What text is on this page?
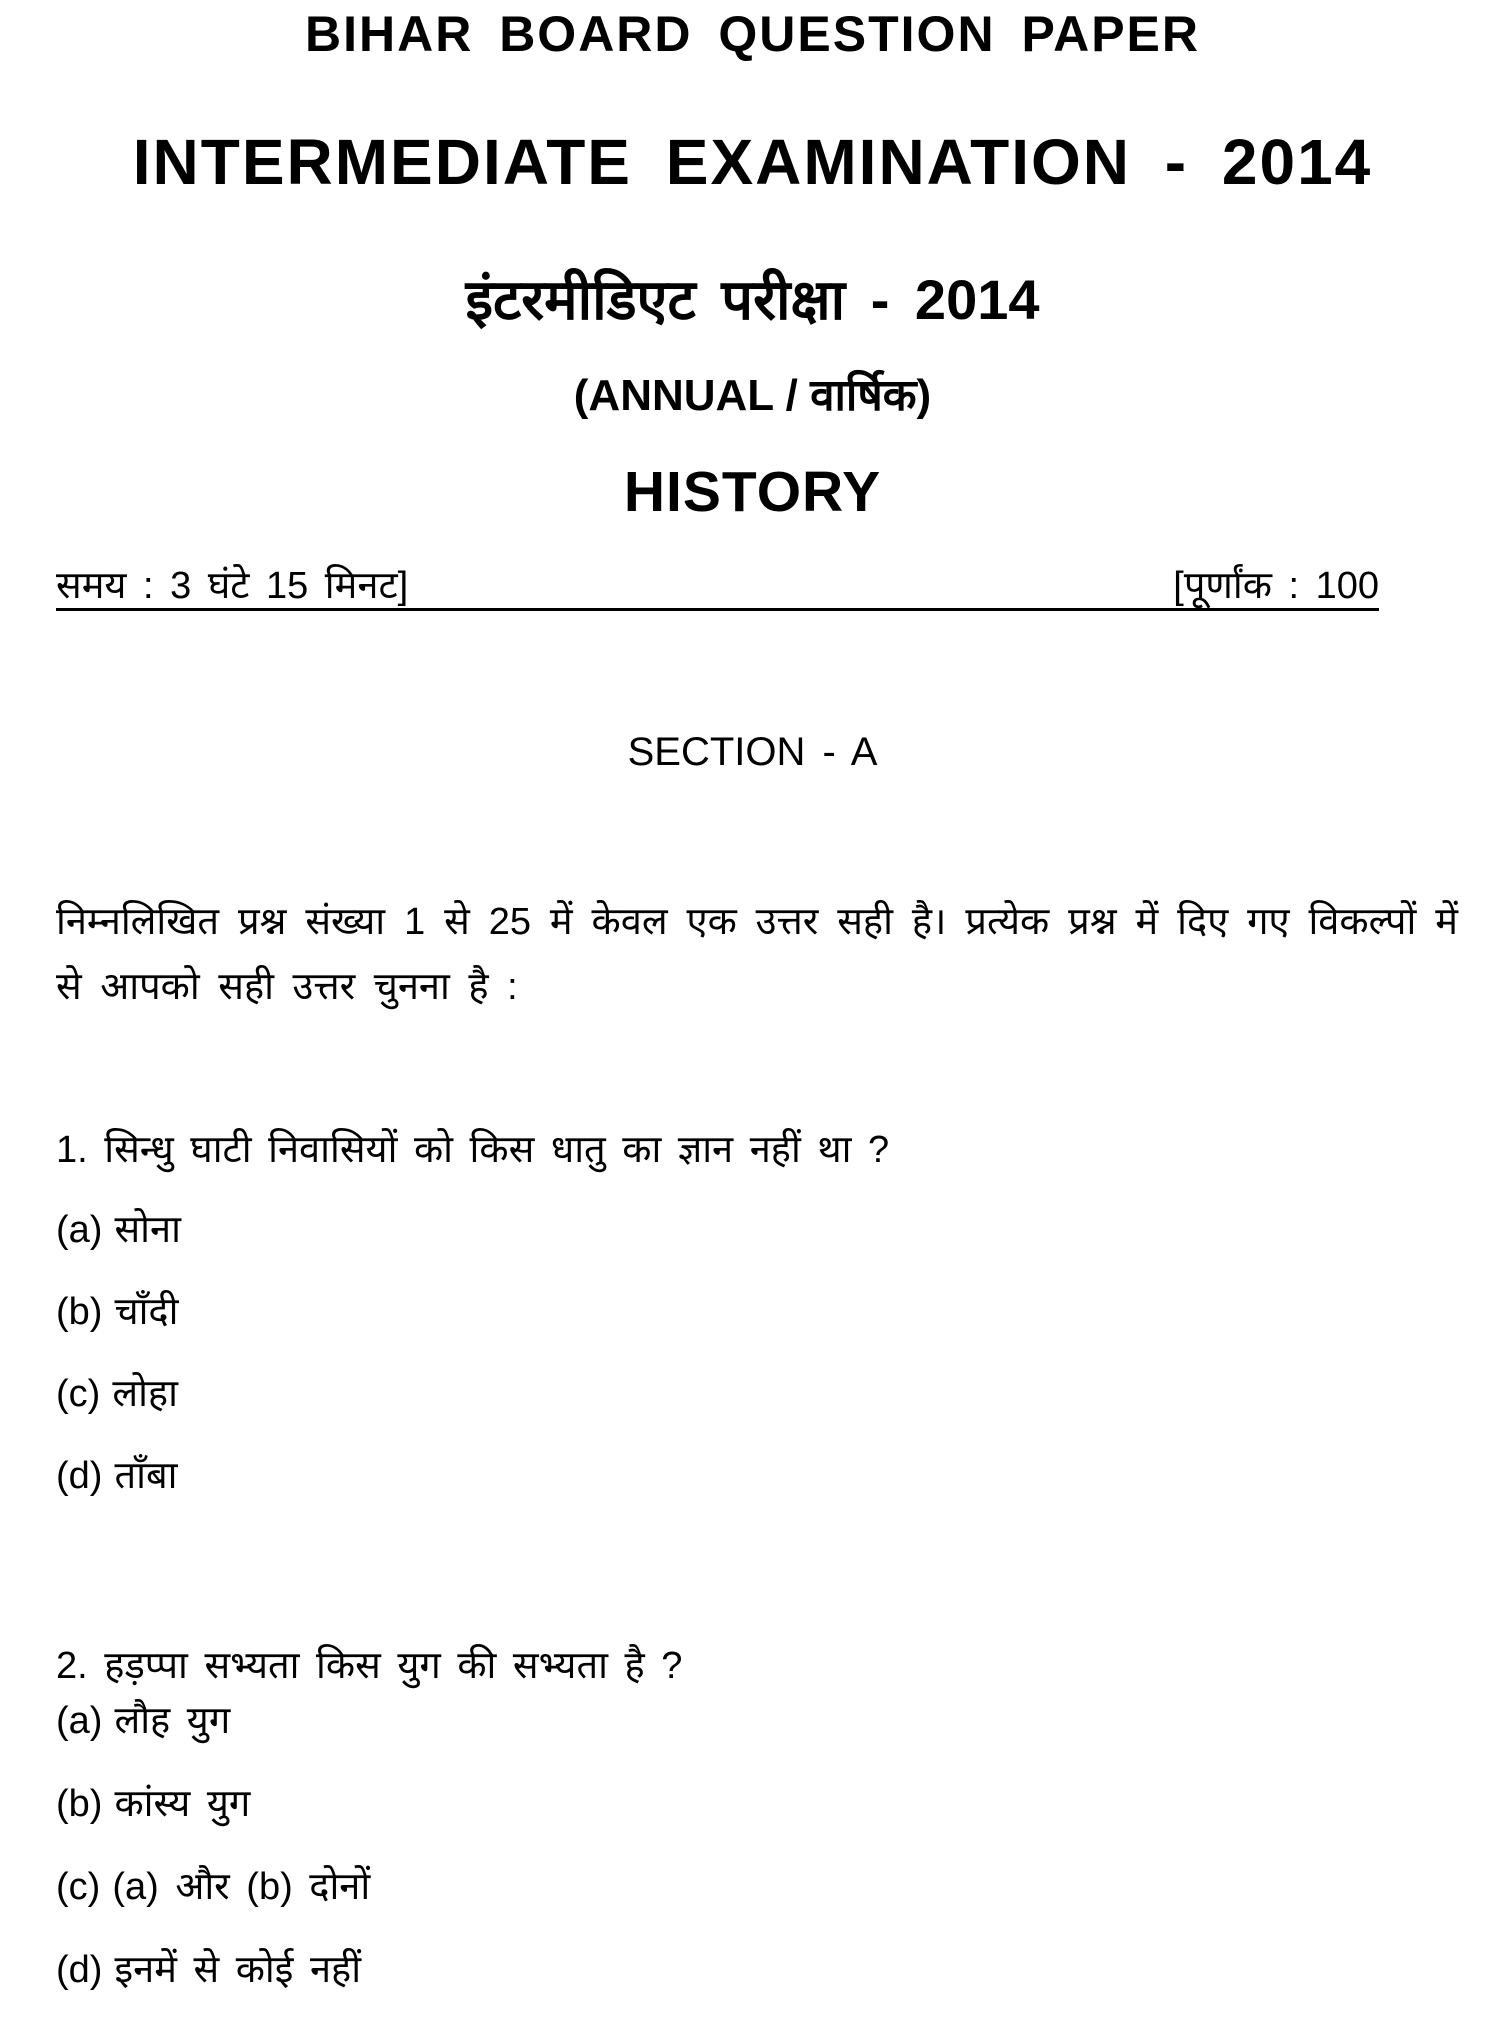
BIHAR BOARD QUESTION PAPER
INTERMEDIATE EXAMINATION - 2014
इंटरमीडिएट परीक्षा - 2014
(ANNUAL / वार्षिक)
HISTORY
समय : 3 घंटे 15 मिनट]	[पूर्णांक : 100
SECTION - A
निम्नलिखित प्रश्न संख्या 1 से 25 में केवल एक उत्तर सही है। प्रत्येक प्रश्न में दिए गए विकल्पों में से आपको सही उत्तर चुनना है :
1. सिन्धु घाटी निवासियों को किस धातु का ज्ञान नहीं था ?
(a) सोना
(b) चाँदी
(c) लोहा
(d) ताँबा
2. हड़प्पा सभ्यता किस युग की सभ्यता है ?
(a) लौह युग
(b) कांस्य युग
(c) (a) और (b) दोनों
(d) इनमें से कोई नहीं
